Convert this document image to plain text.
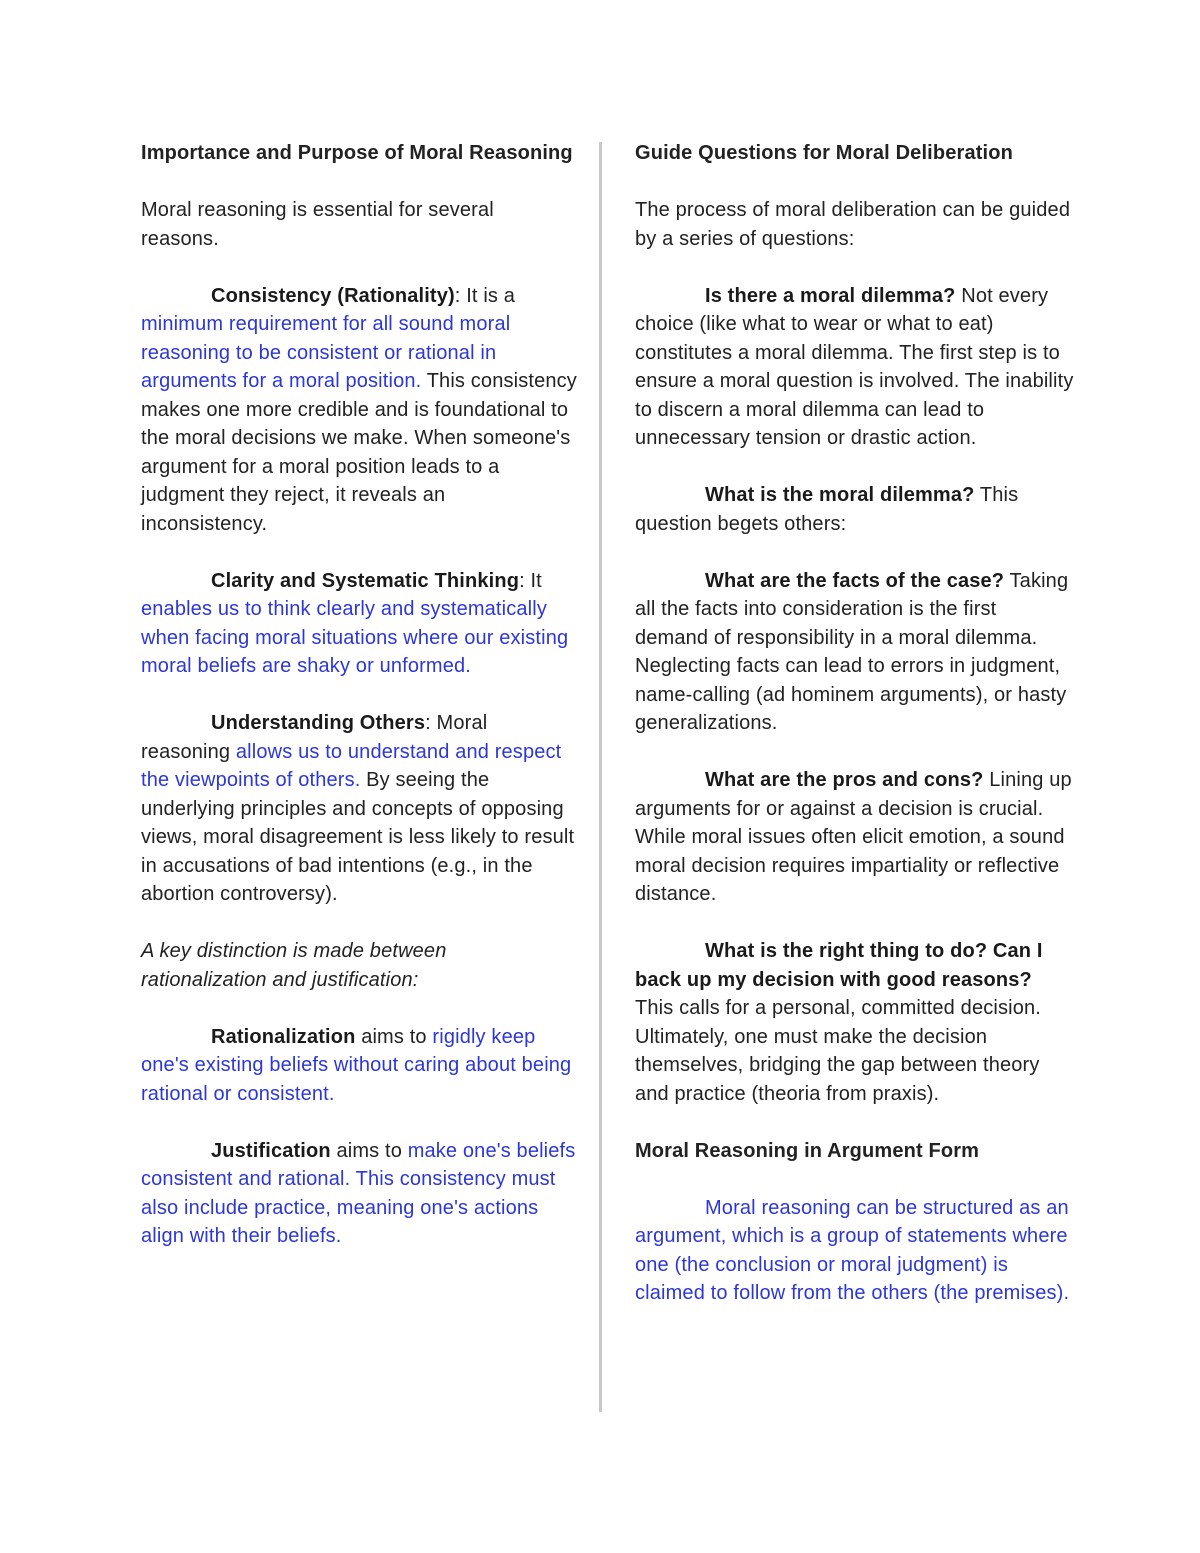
Importance and Purpose of Moral Reasoning

Moral reasoning is essential for several reasons.

Consistency (Rationality): It is a minimum requirement for all sound moral reasoning to be consistent or rational in arguments for a moral position. This consistency makes one more credible and is foundational to the moral decisions we make. When someone's argument for a moral position leads to a judgment they reject, it reveals an inconsistency.

Clarity and Systematic Thinking: It enables us to think clearly and systematically when facing moral situations where our existing moral beliefs are shaky or unformed.

Understanding Others: Moral reasoning allows us to understand and respect the viewpoints of others. By seeing the underlying principles and concepts of opposing views, moral disagreement is less likely to result in accusations of bad intentions (e.g., in the abortion controversy).

A key distinction is made between rationalization and justification:

Rationalization aims to rigidly keep one's existing beliefs without caring about being rational or consistent.

Justification aims to make one's beliefs consistent and rational. This consistency must also include practice, meaning one's actions align with their beliefs.

Guide Questions for Moral Deliberation

The process of moral deliberation can be guided by a series of questions:

Is there a moral dilemma? Not every choice (like what to wear or what to eat) constitutes a moral dilemma. The first step is to ensure a moral question is involved. The inability to discern a moral dilemma can lead to unnecessary tension or drastic action.

What is the moral dilemma? This question begets others:

What are the facts of the case? Taking all the facts into consideration is the first demand of responsibility in a moral dilemma. Neglecting facts can lead to errors in judgment, name-calling (ad hominem arguments), or hasty generalizations.

What are the pros and cons? Lining up arguments for or against a decision is crucial. While moral issues often elicit emotion, a sound moral decision requires impartiality or reflective distance.

What is the right thing to do? Can I back up my decision with good reasons? This calls for a personal, committed decision. Ultimately, one must make the decision themselves, bridging the gap between theory and practice (theoria from praxis).

Moral Reasoning in Argument Form

Moral reasoning can be structured as an argument, which is a group of statements where one (the conclusion or moral judgment) is claimed to follow from the others (the premises).
